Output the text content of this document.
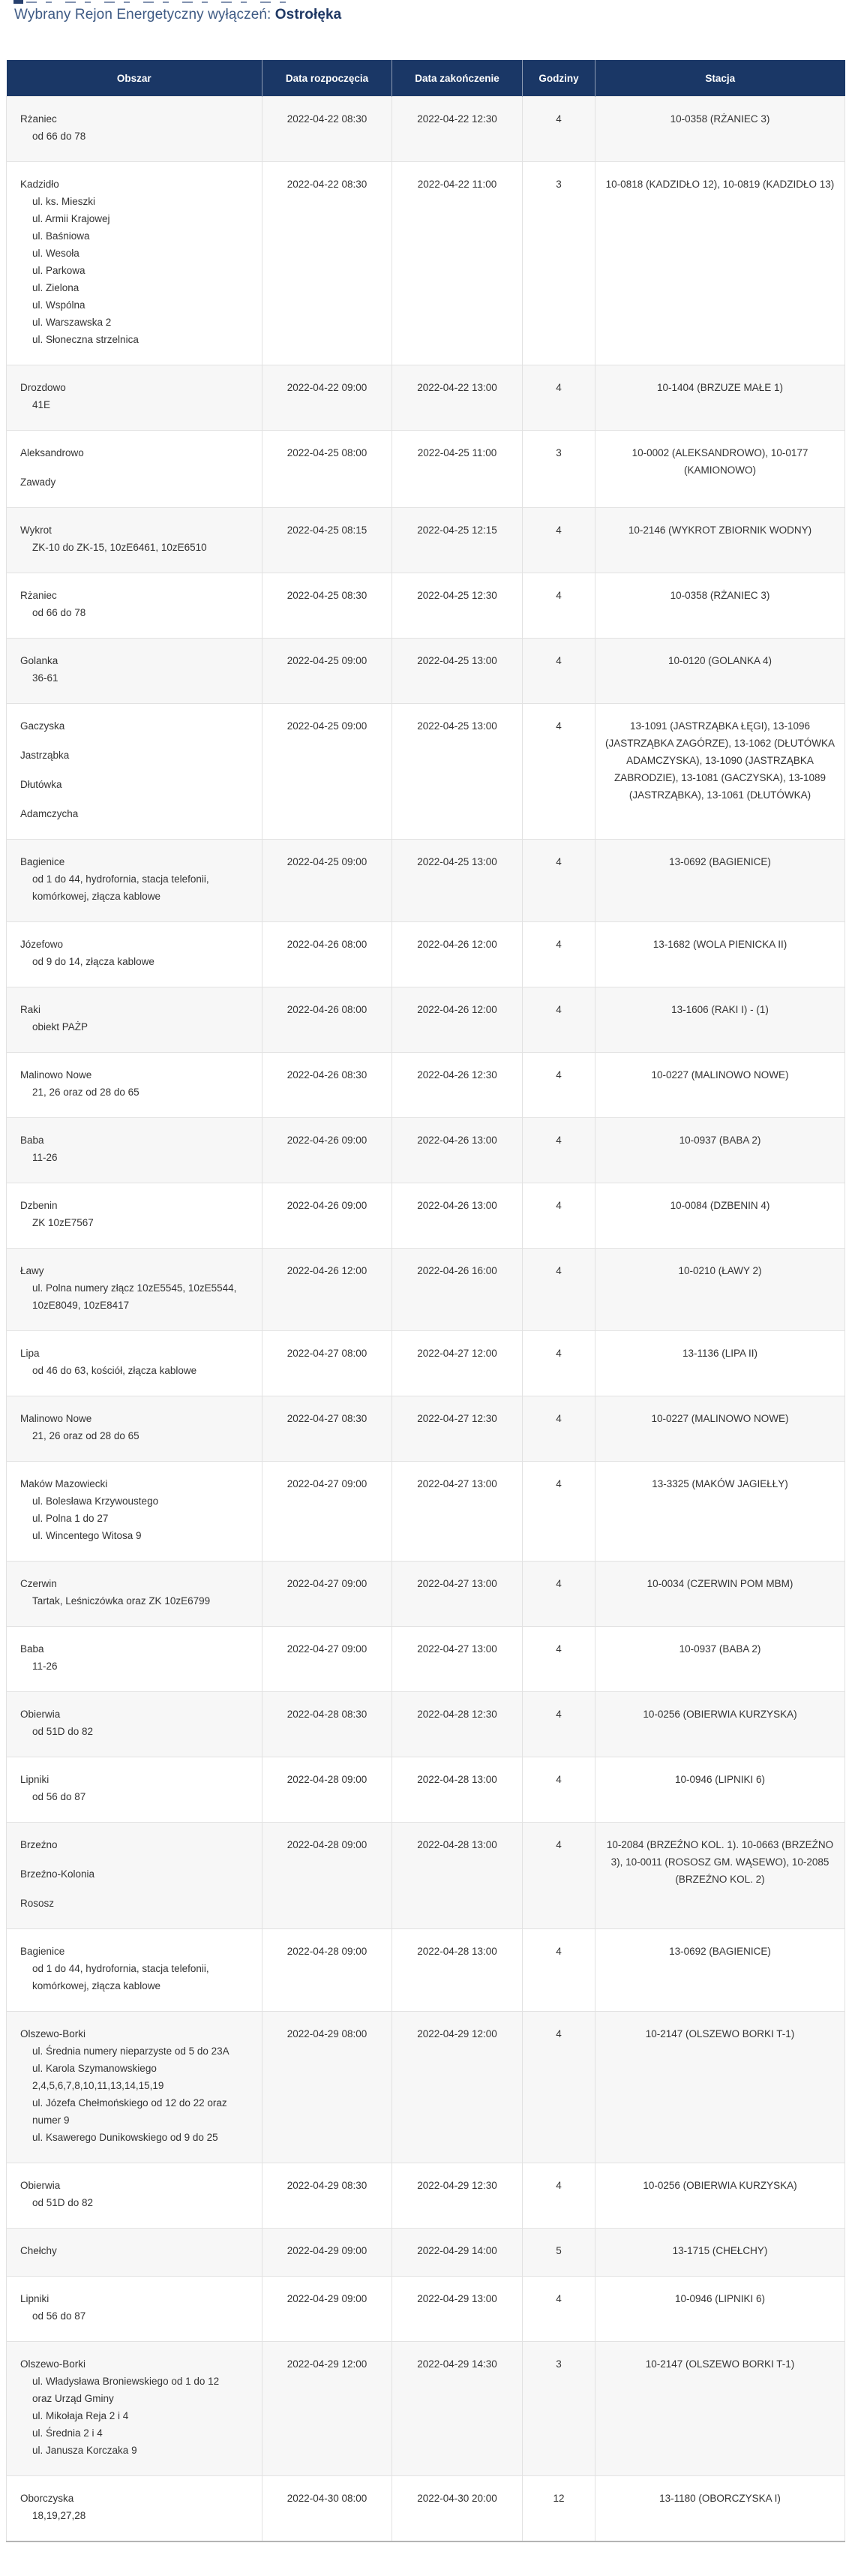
Wybrany Rejon Energetyczny wyłączeń: Ostrołęka
Obszar	Data rozpoczęcia	Data zakończenie	Godziny	Stacja

Rżaniec
od 66 do 78	2022-04-22 08:30	2022-04-22 12:30	4	10-0358 (RŻANIEC 3)

Kadzidło
ul. ks. Mieszki
ul. Armii Krajowej
ul. Baśniowa
ul. Wesoła
ul. Parkowa
ul. Zielona
ul. Wspólna
ul. Warszawska 2
ul. Słoneczna strzelnica
	2022-04-22 08:30	2022-04-22 11:00	3	10-0818 (KADZIDŁO 12), 10-0819 (KADZIDŁO 13)

Drozdowo
41E	2022-04-22 09:00	2022-04-22 13:00	4	10-1404 (BRZUZE MAŁE 1)

Aleksandrowo
Zawady	2022-04-25 08:00	2022-04-25 11:00	3	10-0002 (ALEKSANDROWO), 10-0177 (KAMIONOWO)

Wykrot
ZK-10 do ZK-15, 10zE6461, 10zE6510	2022-04-25 08:15	2022-04-25 12:15	4	10-2146 (WYKROT ZBIORNIK WODNY)

Rżaniec
od 66 do 78	2022-04-25 08:30	2022-04-25 12:30	4	10-0358 (RŻANIEC 3)

Golanka
36-61	2022-04-25 09:00	2022-04-25 13:00	4	10-0120 (GOLANKA 4)

Gaczyska
Jastrząbka
Dłutówka
Adamczycha	2022-04-25 09:00	2022-04-25 13:00	4	13-1091 (JASTRZĄBKA ŁĘGI), 13-1096 (JASTRZĄBKA ZAGÓRZE), 13-1062 (DŁUTÓWKA ADAMCZYSKA), 13-1090 (JASTRZĄBKA ZABRODZIE), 13-1081 (GACZYSKA), 13-1089 (JASTRZĄBKA), 13-1061 (DŁUTÓWKA)

Bagienice
od 1 do 44, hydrofornia, stacja telefonii,
komórkowej, złącza kablowe	2022-04-25 09:00	2022-04-25 13:00	4	13-0692 (BAGIENICE)

Józefowo
od 9 do 14, złącza kablowe	2022-04-26 08:00	2022-04-26 12:00	4	13-1682 (WOLA PIENICKA II)

Raki
obiekt PAŻP	2022-04-26 08:00	2022-04-26 12:00	4	13-1606 (RAKI I) - (1)

Malinowo Nowe
21, 26 oraz od 28 do 65	2022-04-26 08:30	2022-04-26 12:30	4	10-0227 (MALINOWO NOWE)

Baba
11-26	2022-04-26 09:00	2022-04-26 13:00	4	10-0937 (BABA 2)

Dzbenin
ZK 10zE7567	2022-04-26 09:00	2022-04-26 13:00	4	10-0084 (DZBENIN 4)

Ławy
ul. Polna numery złącz 10zE5545, 10zE5544,
10zE8049, 10zE8417	2022-04-26 12:00	2022-04-26 16:00	4	10-0210 (ŁAWY 2)

Lipa
od 46 do 63, kościół, złącza kablowe	2022-04-27 08:00	2022-04-27 12:00	4	13-1136 (LIPA II)

Malinowo Nowe
21, 26 oraz od 28 do 65	2022-04-27 08:30	2022-04-27 12:30	4	10-0227 (MALINOWO NOWE)

Maków Mazowiecki
ul. Bolesława Krzywoustego
ul. Polna 1 do 27
ul. Wincentego Witosa 9	2022-04-27 09:00	2022-04-27 13:00	4	13-3325 (MAKÓW JAGIEŁŁY)

Czerwin
Tartak, Leśniczówka oraz ZK 10zE6799	2022-04-27 09:00	2022-04-27 13:00	4	10-0034 (CZERWIN POM MBM)

Baba
11-26	2022-04-27 09:00	2022-04-27 13:00	4	10-0937 (BABA 2)

Obierwia
od 51D do 82	2022-04-28 08:30	2022-04-28 12:30	4	10-0256 (OBIERWIA KURZYSKA)

Lipniki
od 56 do 87	2022-04-28 09:00	2022-04-28 13:00	4	10-0946 (LIPNIKI 6)

Brzeźno
Brzeźno-Kolonia
Rososz	2022-04-28 09:00	2022-04-28 13:00	4	10-2084 (BRZEŹNO KOL. 1). 10-0663 (BRZEŹNO 3), 10-0011 (ROSOSZ GM. WĄSEWO), 10-2085 (BRZEŹNO KOL. 2)

Bagienice
od 1 do 44, hydrofornia, stacja telefonii,
komórkowej, złącza kablowe	2022-04-28 09:00	2022-04-28 13:00	4	13-0692 (BAGIENICE)

Olszewo-Borki
ul. Średnia numery nieparzyste od 5 do 23A
ul. Karola Szymanowskiego
2,4,5,6,7,8,10,11,13,14,15,19
ul. Józefa Chełmońskiego od 12 do 22 oraz
numer 9
ul. Ksawerego Dunikowskiego od 9 do 25
	2022-04-29 08:00	2022-04-29 12:00	4	10-2147 (OLSZEWO BORKI T-1)

Obierwia
od 51D do 82	2022-04-29 08:30	2022-04-29 12:30	4	10-0256 (OBIERWIA KURZYSKA)

Chełchy	2022-04-29 09:00	2022-04-29 14:00	5	13-1715 (CHEŁCHY)

Lipniki
od 56 do 87	2022-04-29 09:00	2022-04-29 13:00	4	10-0946 (LIPNIKI 6)

Olszewo-Borki
ul. Władysława Broniewskiego od 1 do 12
oraz Urząd Gminy
ul. Mikołaja Reja 2 i 4
ul. Średnia 2 i 4
ul. Janusza Korczaka 9
	2022-04-29 12:00	2022-04-29 14:30	3	10-2147 (OLSZEWO BORKI T-1)

Oborczyska
18,19,27,28	2022-04-30 08:00	2022-04-30 20:00	12	13-1180 (OBORCZYSKA I)
